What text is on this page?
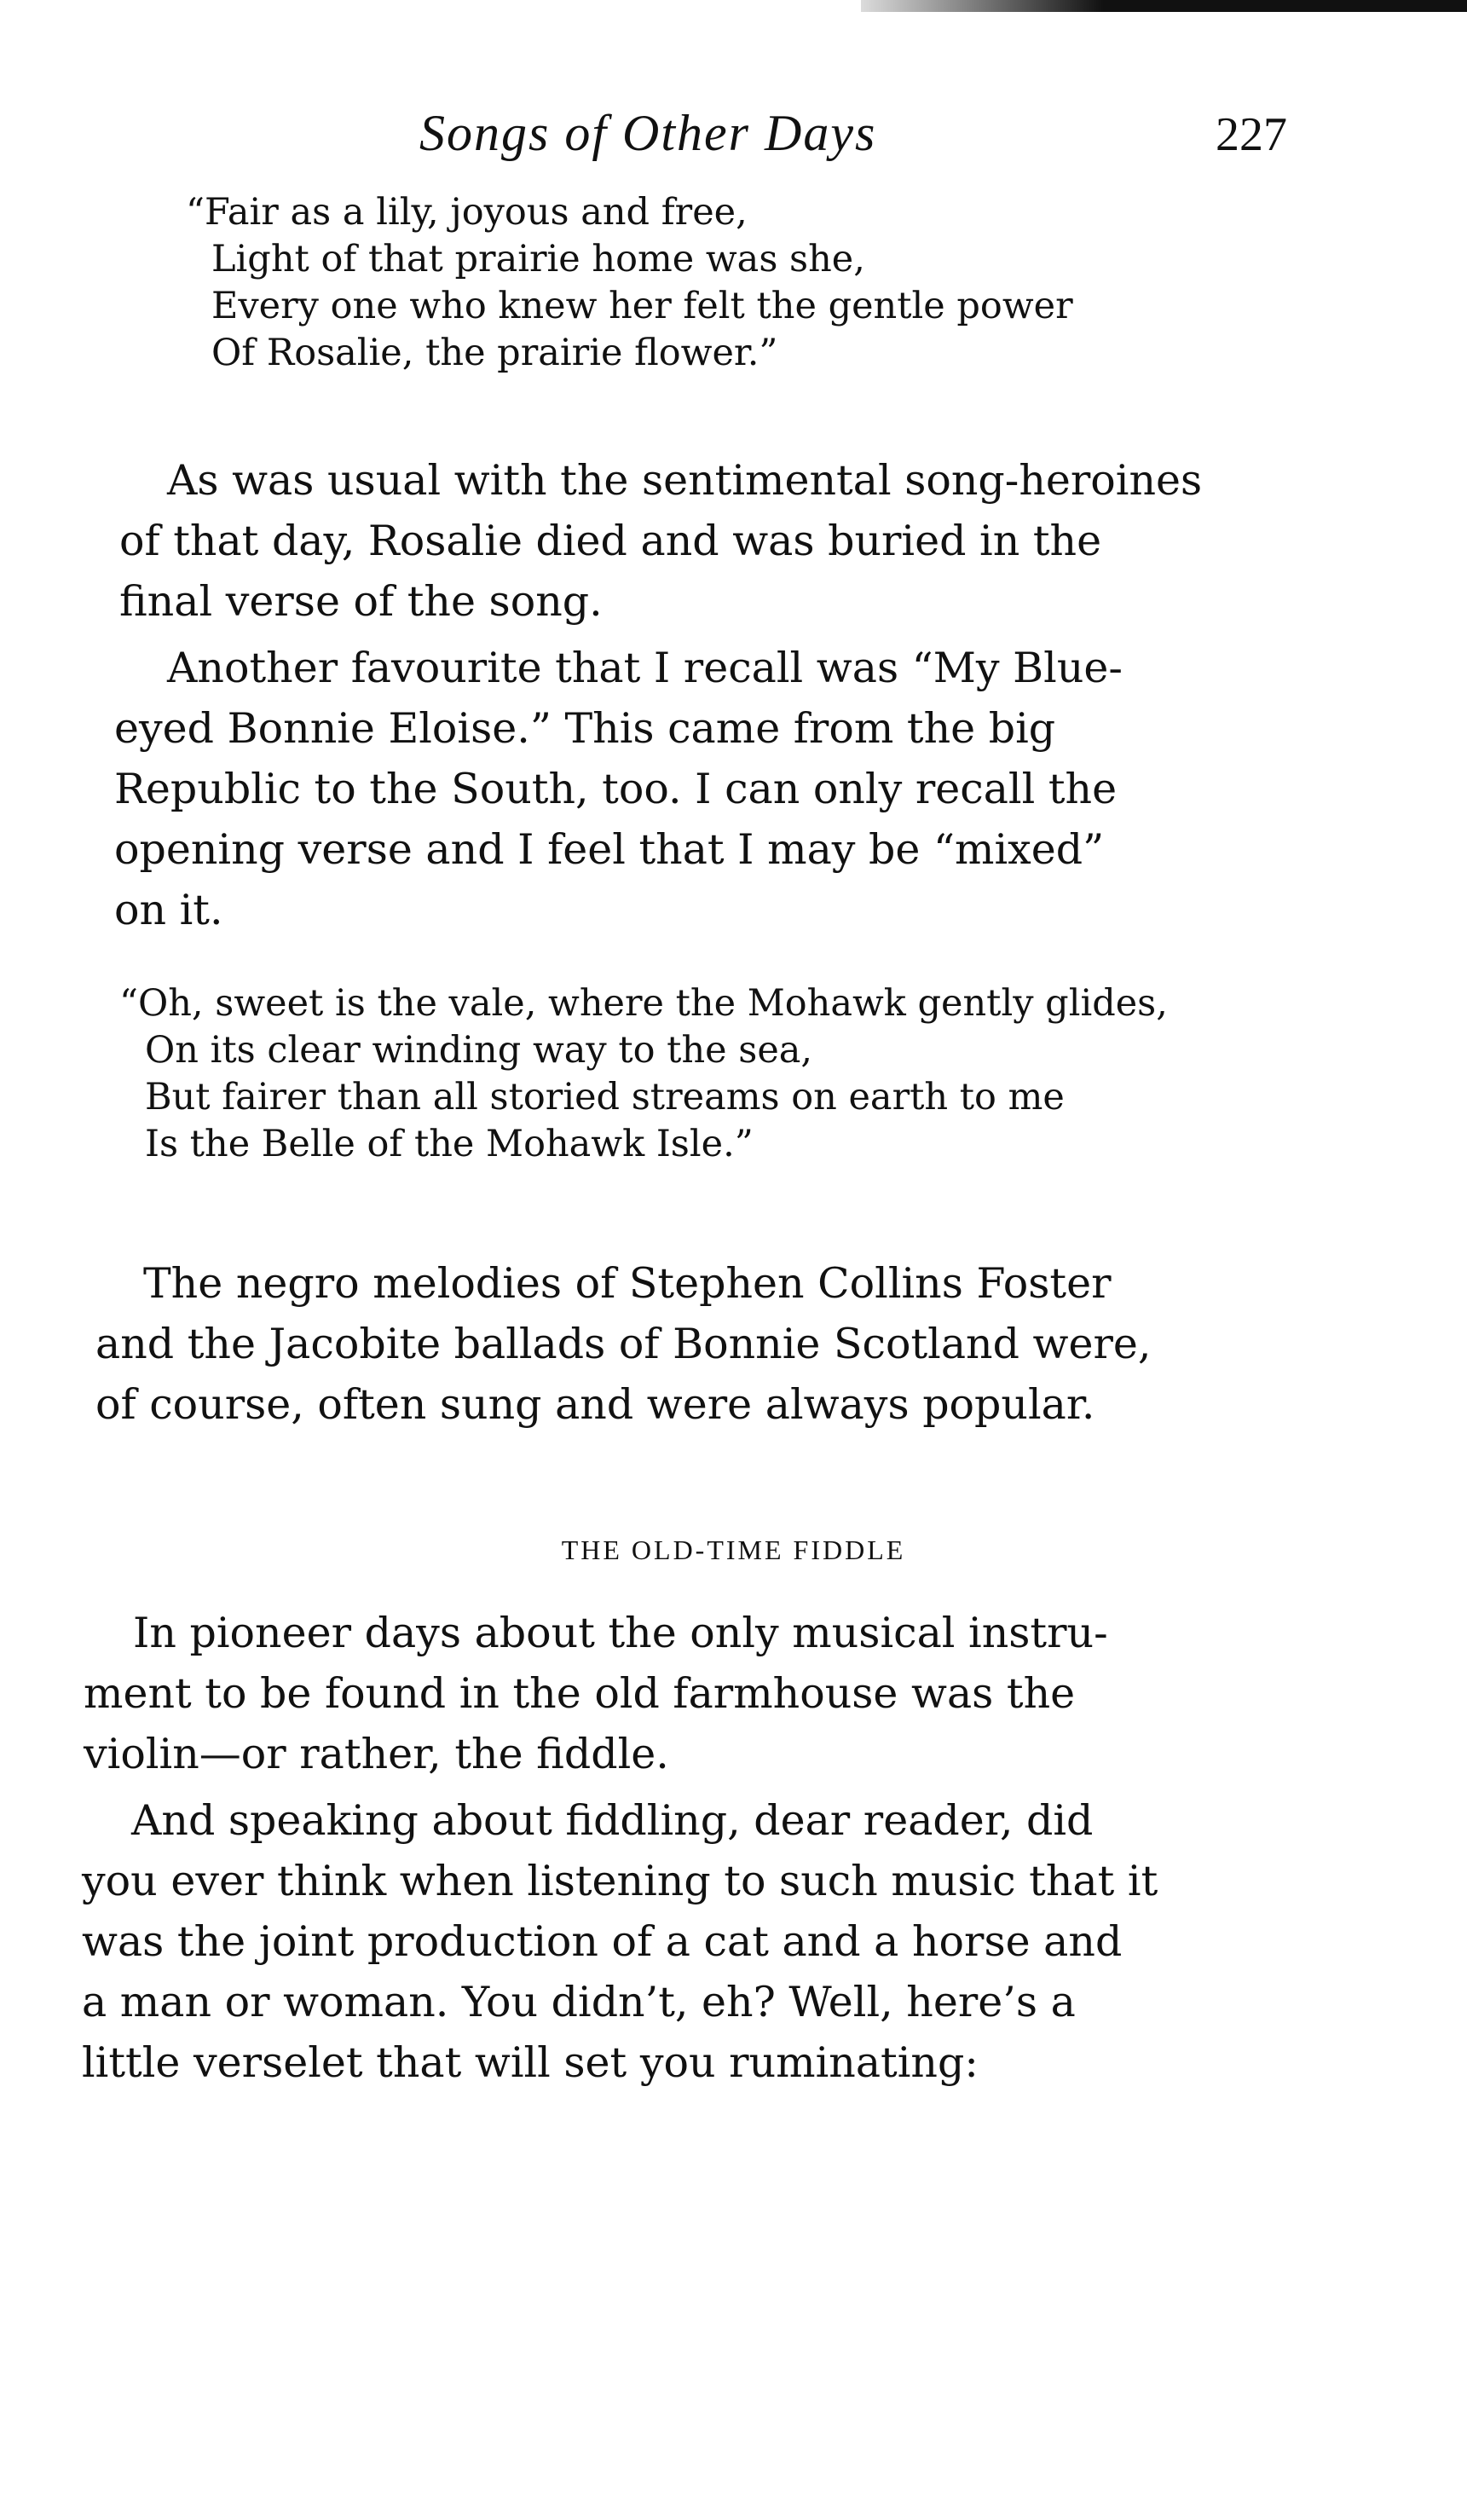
Songs of Other Days	227
“Fair as a lily, joyous and free,
Light of that prairie home was she,
Every one who knew her felt the gentle power
Of Rosalie, the prairie flower.”
As was usual with the sentimental song-heroines
of that day, Rosalie died and was buried in the
final verse of the song.
Another favourite that I recall was “My Blue-
eyed Bonnie Eloise.” This came from the big
Republic to the South, too. I can only recall the
opening verse and I feel that I may be “mixed”
on it.
“Oh, sweet is the vale, where the Mohawk gently glides,
On its clear winding way to the sea,
But fairer than all storied streams on earth to me
Is the Belle of the Mohawk Isle.”
The negro melodies of Stephen Collins Foster
and the Jacobite ballads of Bonnie Scotland were,
of course, often sung and were always popular.
THE OLD-TIME FIDDLE
In pioneer days about the only musical instru-
ment to be found in the old farmhouse was the
violin—or rather, the fiddle.
And speaking about fiddling, dear reader, did
you ever think when listening to such music that it
was the joint production of a cat and a horse and
a man or woman. You didn’t, eh? Well, here’s a
little verselet that will set you ruminating:
